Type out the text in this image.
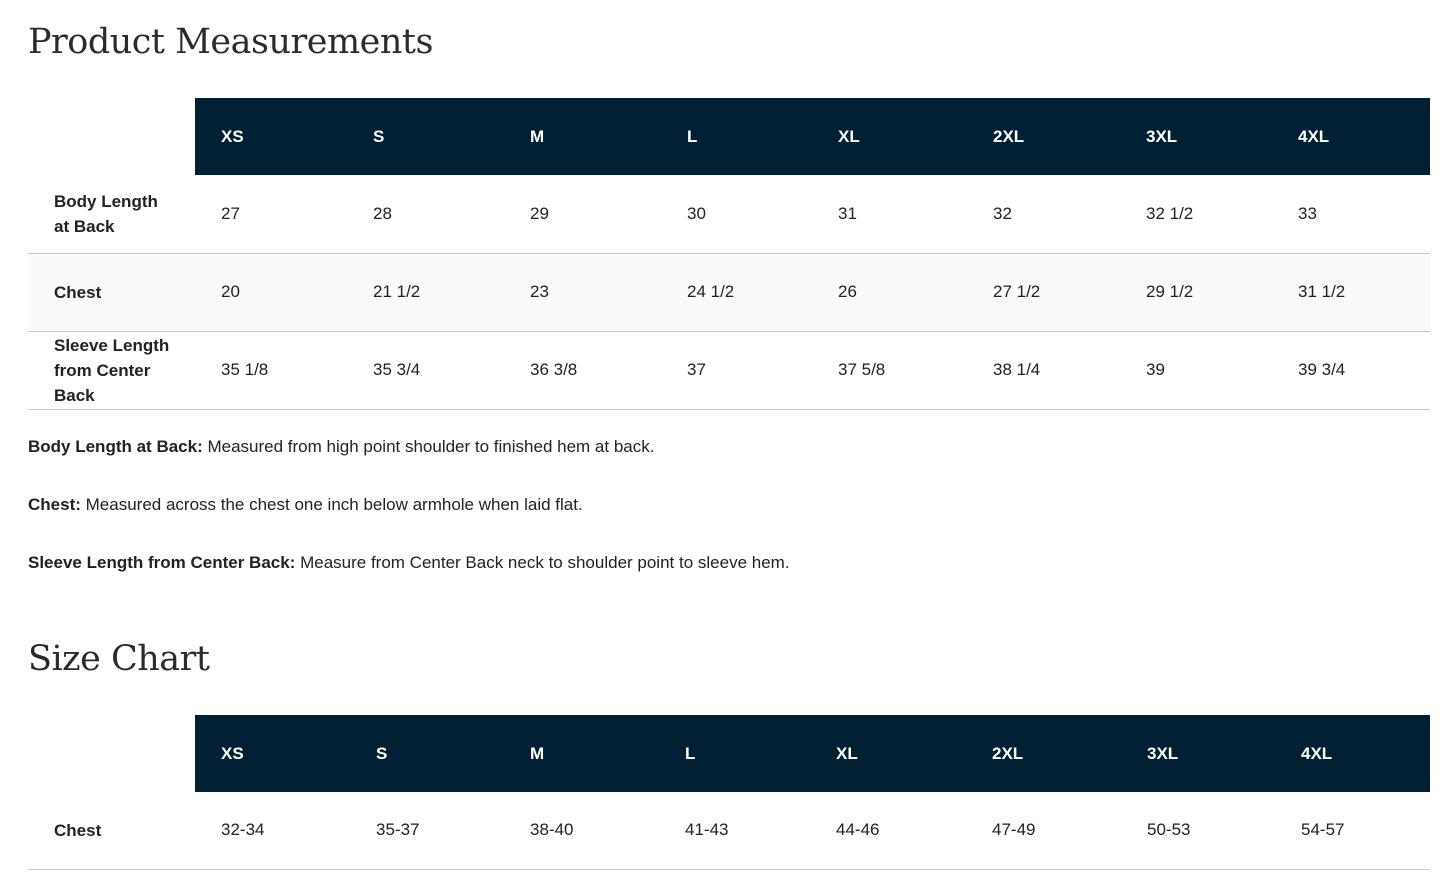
Product Measurements
	XS	S	M	L	XL	2XL	3XL	4XL
Body Length at Back	27	28	29	30	31	32	32 1/2	33
Chest	20	21 1/2	23	24 1/2	26	27 1/2	29 1/2	31 1/2
Sleeve Length from Center Back	35 1/8	35 3/4	36 3/8	37	37 5/8	38 1/4	39	39 3/4

Body Length at Back: Measured from high point shoulder to finished hem at back.

Chest: Measured across the chest one inch below armhole when laid flat.

Sleeve Length from Center Back: Measure from Center Back neck to shoulder point to sleeve hem.

Size Chart
	XS	S	M	L	XL	2XL	3XL	4XL
Chest	32-34	35-37	38-40	41-43	44-46	47-49	50-53	54-57
